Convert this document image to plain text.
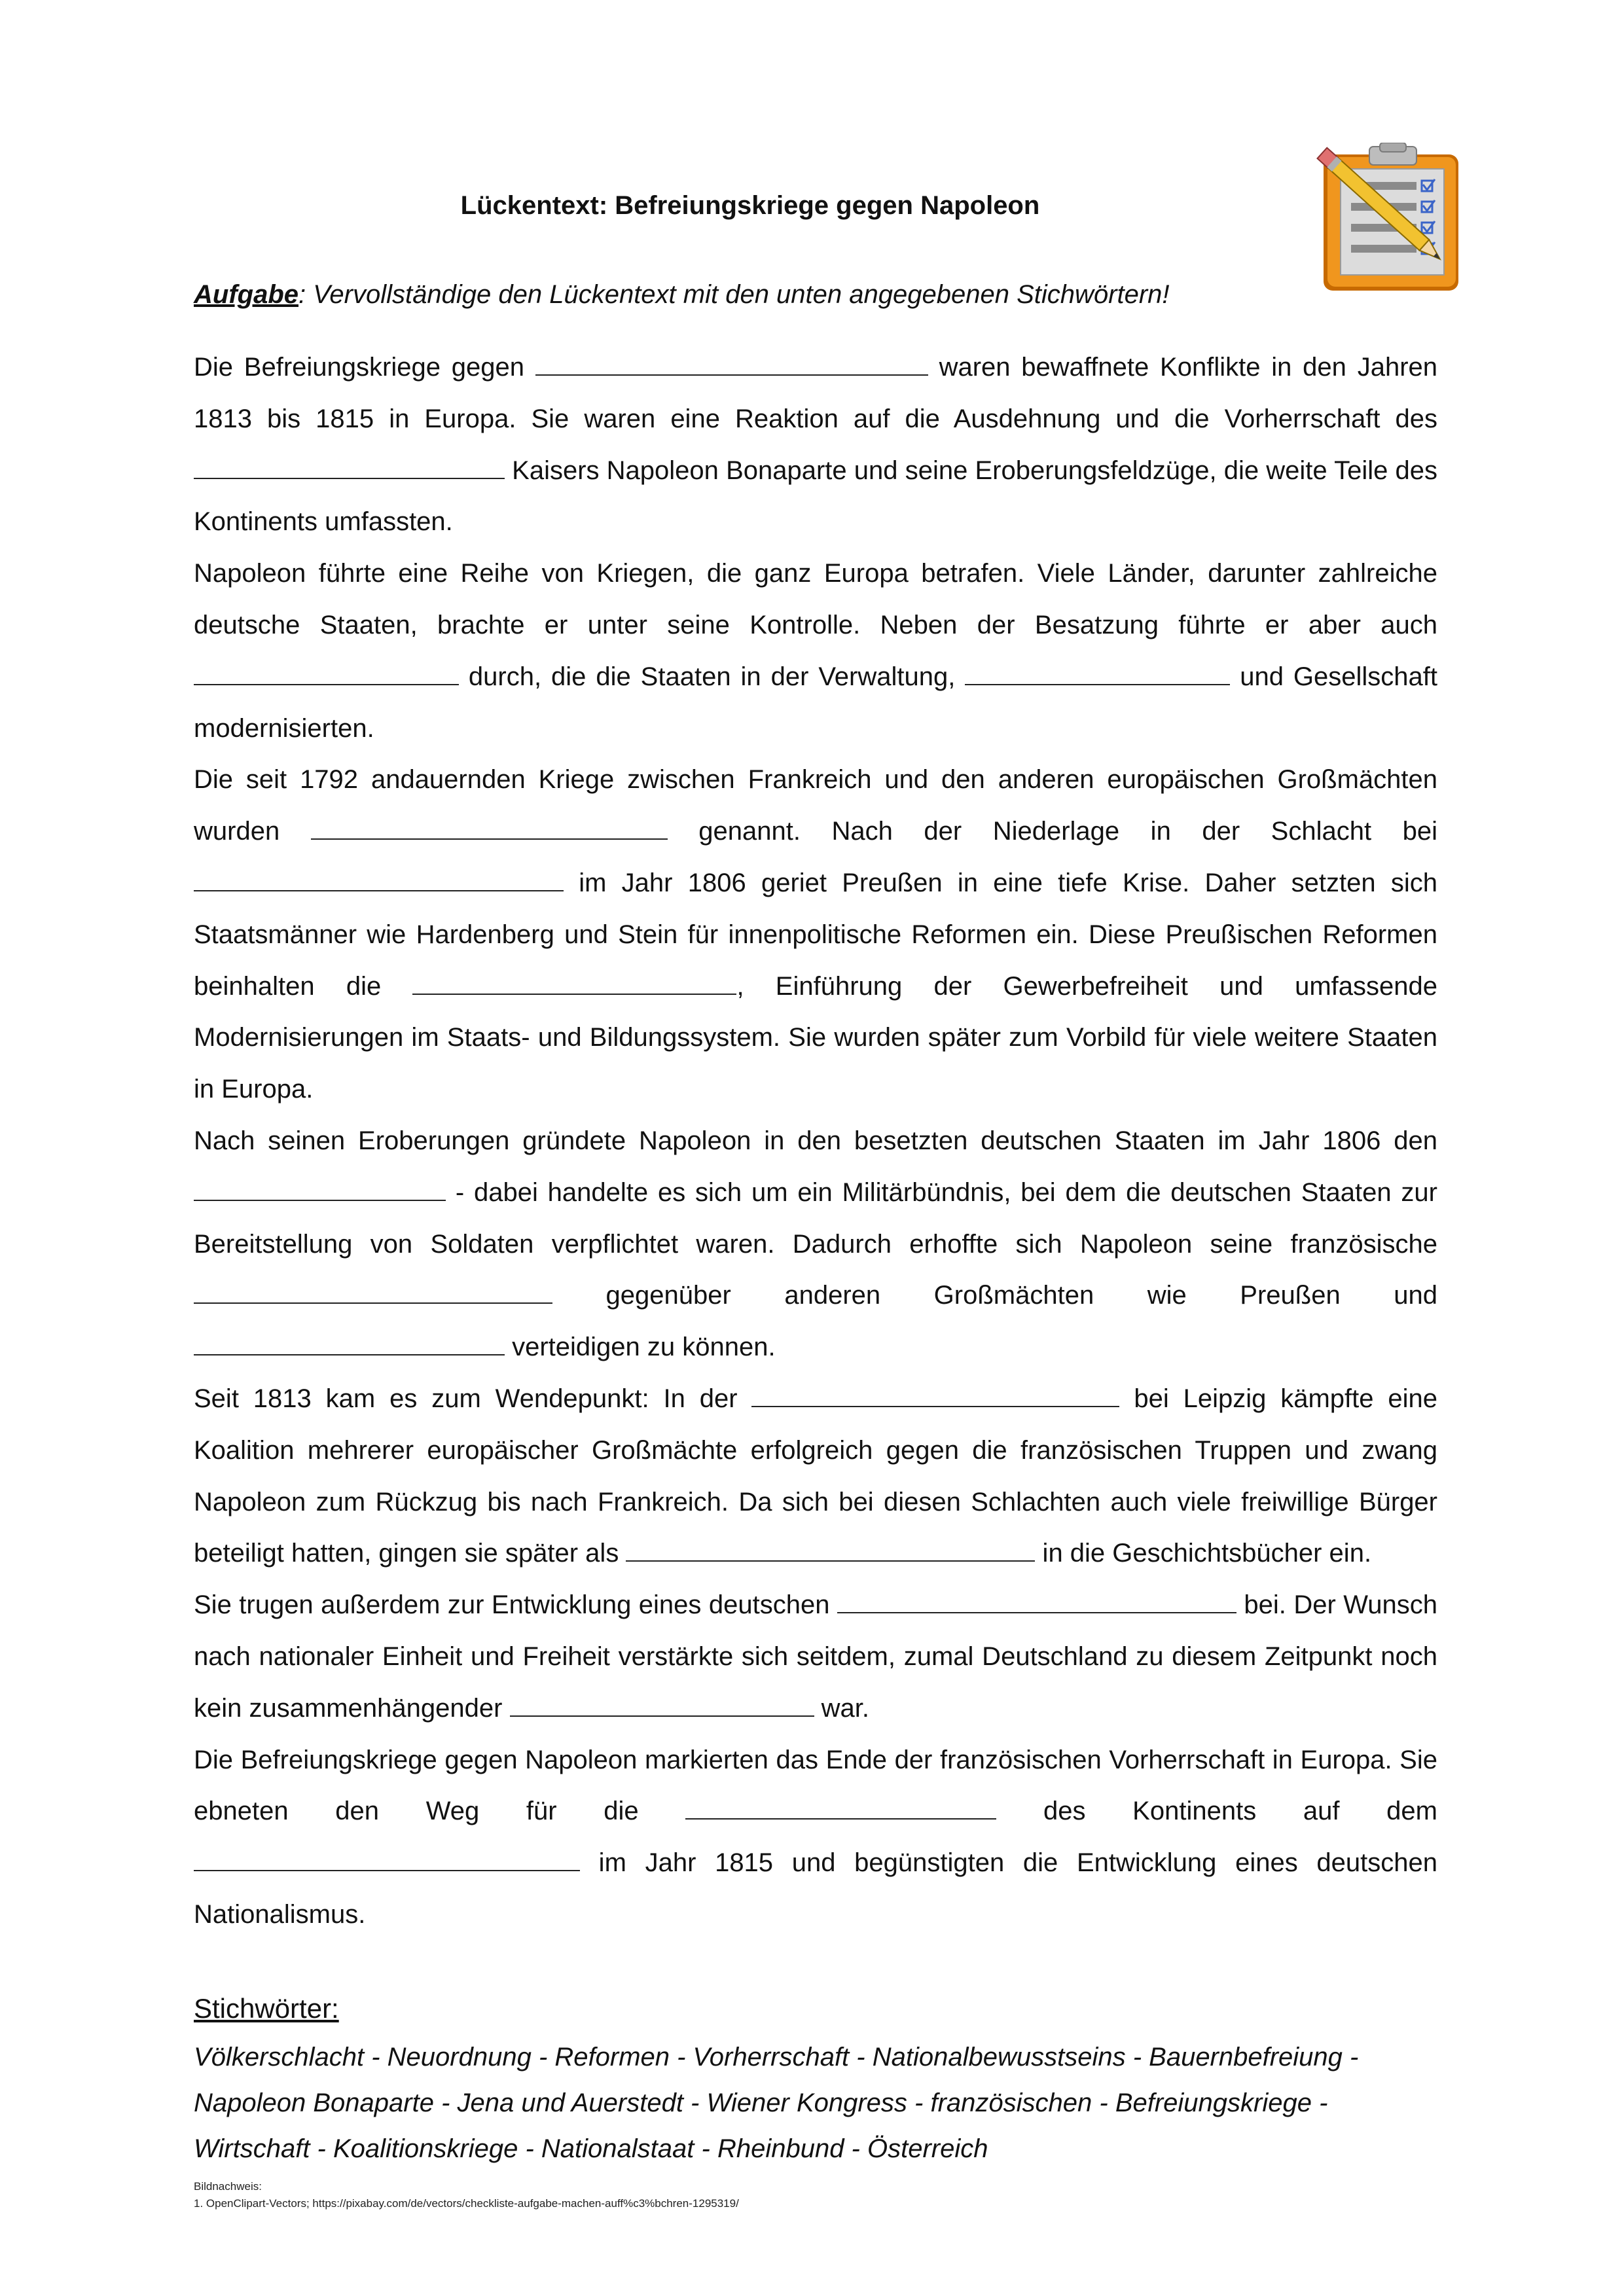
Lückentext: Befreiungskriege gegen Napoleon
Aufgabe: Vervollständige den Lückentext mit den unten angegebenen Stichwörtern!

Die Befreiungskriege gegen	waren bewaffnete Konflikte in den Jahren 1813 bis 1815 in Europa. Sie waren eine Reaktion auf die Ausdehnung und die Vorherrschaft des  Kaisers Napoleon Bonaparte und seine Eroberungsfeldzüge, die weite Teile des Kontinents umfassten.

Napoleon führte eine Reihe von Kriegen, die ganz Europa betrafen. Viele Länder, darunter zahlreiche deutsche Staaten, brachte er unter seine Kontrolle. Neben der Besatzung führte er aber auch  durch, die die Staaten in der Verwaltung,	und Gesellschaft modernisierten.

Die seit 1792 andauernden Kriege zwischen Frankreich und den anderen europäischen Großmächten wurden	genannt. Nach der Niederlage in der Schlacht bei  im Jahr 1806 geriet Preußen in eine tiefe Krise. Daher setzten sich Staatsmänner wie Hardenberg und Stein für innenpolitische Reformen ein. Diese Preußischen Reformen beinhalten die	, Einführung der Gewerbefreiheit und umfassende Modernisierungen im Staats- und Bildungssystem. Sie wurden später zum Vorbild für viele weitere Staaten in Europa.

Nach seinen Eroberungen gründete Napoleon in den besetzten deutschen Staaten im Jahr 1806 den  - dabei handelte es sich um ein Militärbündnis, bei dem die deutschen Staaten zur Bereitstellung von Soldaten verpflichtet waren. Dadurch erhoffte sich Napoleon seine französische  gegenüber anderen Großmächten wie Preußen und  verteidigen zu können.

Seit 1813 kam es zum Wendepunkt: In der	bei Leipzig kämpfte eine Koalition mehrerer europäischer Großmächte erfolgreich gegen die französischen Truppen und zwang Napoleon zum Rückzug bis nach Frankreich. Da sich bei diesen Schlachten auch viele freiwillige Bürger beteiligt hatten, gingen sie später als	in die Geschichtsbücher ein.

Sie trugen außerdem zur Entwicklung eines deutschen	bei. Der Wunsch nach nationaler Einheit und Freiheit verstärkte sich seitdem, zumal Deutschland zu diesem Zeitpunkt noch kein zusammenhängender	war.

Die Befreiungskriege gegen Napoleon markierten das Ende der französischen Vorherrschaft in Europa. Sie ebneten den Weg für die	des Kontinents auf dem  im Jahr 1815 und begünstigten die Entwicklung eines deutschen Nationalismus.

Stichwörter:
Völkerschlacht - Neuordnung - Reformen - Vorherrschaft - Nationalbewusstseins - Bauernbefreiung -
Napoleon Bonaparte - Jena und Auerstedt - Wiener Kongress - französischen - Befreiungskriege -
Wirtschaft - Koalitionskriege - Nationalstaat - Rheinbund - Österreich
Bildnachweis:
1. OpenClipart-Vectors; https://pixabay.com/de/vectors/checkliste-aufgabe-machen-auff%c3%bchren-1295319/
